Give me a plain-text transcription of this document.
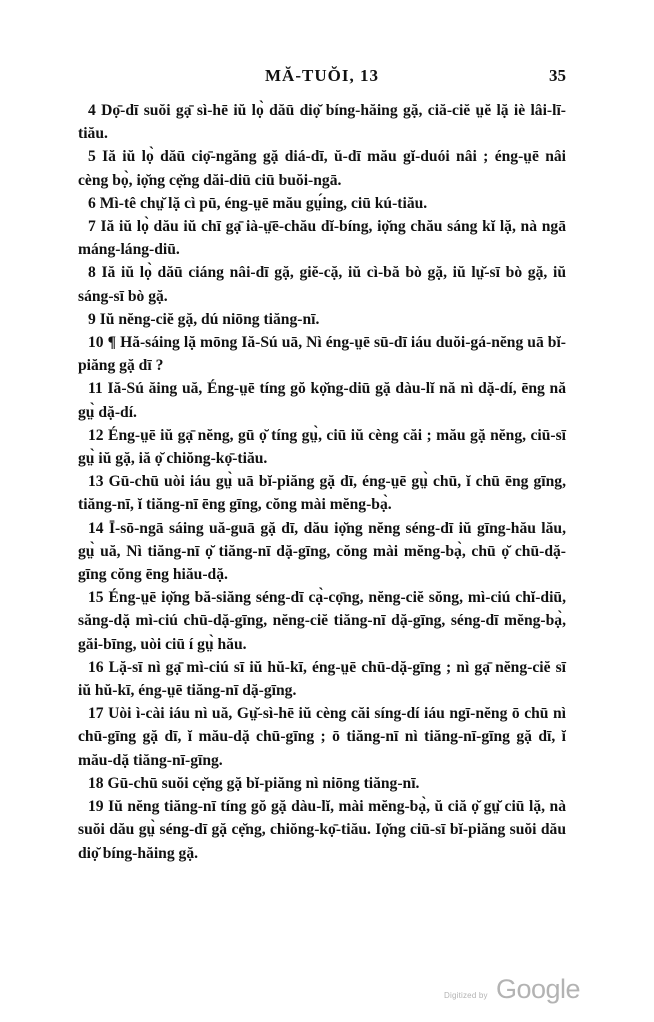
MĂ-TUŎI, 13	35

4 Dọ̄-dī suŏi gạ̄ sì-hē iŭ lọ̀ dăū diọ̆ bíng-hăing gặ, ciă-ciĕ ṳĕ lặ iè lâi-lī-tiău.

5 Iă iŭ lọ̀ dăū ciọ̄-ngăng gặ diá-dī, ŭ-dī mău gĭ-duói nâi ; éng-ṳē nâi cèng bọ̀, iọ̆ng cẹ̆ng dăi-diū ciū buŏi-ngā.

6 Mì-tê chṳ̆ lặ cì pū, éng-ṳē mău gṳ́ing, ciū kú-tiău.

7 Iă iŭ lọ̀ dău iŭ chī gạ̄ ià-ṳ̄ē-chău dĭ-bíng, iọ̆ng chău sáng kĭ lặ, nà ngā máng-láng-diū.

8 Iă iŭ lọ̀ dăū ciáng nâi-dī gặ, giĕ-cặ, iŭ cì-bă bò gặ, iŭ lṳ̆-sī bò gặ, iŭ sáng-sī bò gặ.

9 Iŭ nĕng-ciĕ gặ, dú niōng tiăng-nī.

10 ¶ Hă-sáing lặ mōng Iă-Sú uā, Nì éng-ṳē sū-dī iáu duŏi-gá-nĕng uā bĭ-piăng gặ dī ?

11 Iă-Sú ăing uă, Éng-ṳē tíng gŏ kọ̆ng-diū gặ dàu-lĭ nă nì dặ-dí, ēng nă gṳ̀ dặ-dí.

12 Éng-ṳē iŭ gạ̄ nĕng, gū ọ̆ tíng gṳ̀, ciū iŭ cèng căi ; mău gặ nĕng, ciū-sī gṳ̀ iŭ gặ, iă ọ̆ chiŏng-kọ̄-tiău.

13 Gū-chū uòi iáu gṳ̀ uā bĭ-piăng gặ dī, éng-ṳē gṳ̀ chū, ĭ chū ēng gīng, tiăng-nī, ĭ tiăng-nī ēng gīng, cŏng mài mĕng-bạ̀.

14 Ī-sō-ngā sáing uă-guā gặ dī, dău iọ̆ng nĕng séng-dī iŭ gīng-hău lău, gṳ̀ uă, Nì tiăng-nī ọ̆ tiăng-nī dặ-gīng, cŏng mài mĕng-bạ̀, chū ọ̆ chū-dặ-gīng cŏng ēng hiău-dặ.

15 Éng-ṳē iọ̆ng bă-siăng séng-dī cạ̀-cọ̄ng, nĕng-ciĕ sŏng, mì-ciú chĭ-diū, săng-dặ mì-ciú chū-dặ-gīng, nĕng-ciĕ tiăng-nī dặ-gīng, séng-dī mĕng-bạ̀, găi-bīng, uòi ciū í gṳ̀ hău.

16 Lặ-sī nì gạ̄ mì-ciú sī iŭ hŭ-kī, éng-ṳē chū-dặ-gīng ; nì gạ̄ nĕng-ciĕ sī iŭ hŭ-kī, éng-ṳē tiăng-nī dặ-gīng.

17 Uòi ì-cài iáu nì uă, Gṳ̆-sì-hē iŭ cèng căi síng-dí iáu ngī-nĕng ō chū nì chū-gīng gặ dī, ĭ mău-dặ chū-gīng ; ō tiăng-nī nì tiăng-nī-gīng gặ dī, ĭ mău-dặ tiăng-nī-gīng.

18 Gū-chū suŏi cẹ̆ng gặ bĭ-piăng nì niōng tiăng-nī.

19 Iŭ nĕng tiăng-nī tíng gŏ gặ dàu-lĭ, mài mĕng-bạ̀, ŭ ciă ọ̆ gṳ̆ ciū lặ, nà suŏi dău gṳ̀ séng-dī gặ cẹ̆ng, chiŏng-kọ̄-tiău. Iọ̆ng ciū-sī bĭ-piăng suŏi dău diọ̆ bíng-hăing gặ.

Digitized by Google
